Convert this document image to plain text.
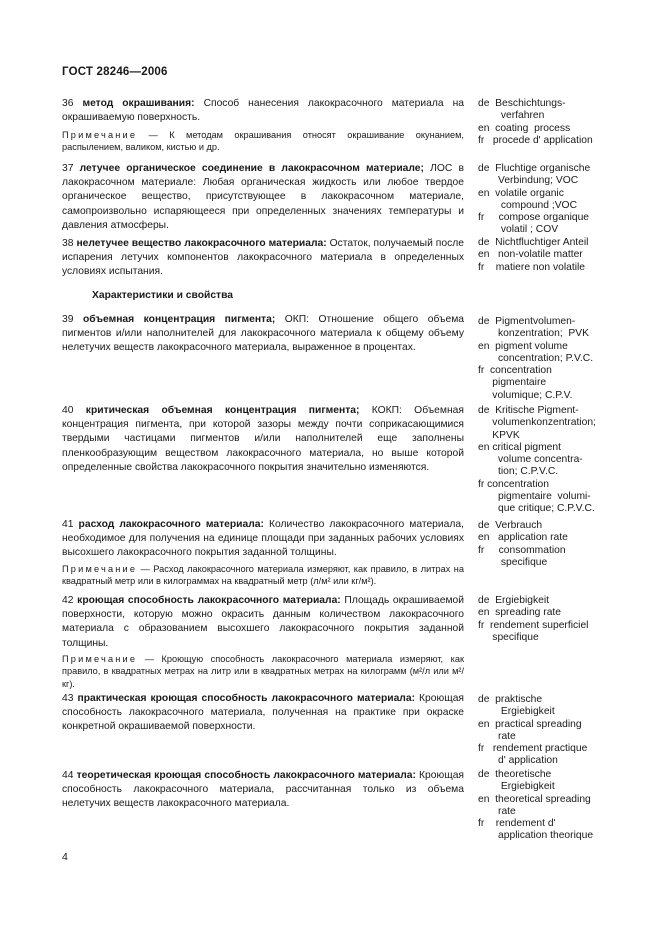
ГОСТ 28246—2006
36 метод окрашивания: Способ нанесения лакокрасочного материала на окрашиваемую поверхность.
Примечание — К методам окрашивания относят окрашивание окунанием, распылением, валиком, кистью и др.
37 летучее органическое соединение в лакокрасочном материале; ЛОС в лакокрасочном материале: Любая органическая жидкость или любое твердое органическое вещество, присутствующее в лакокрасочном материале, самопроизвольно испаряющееся при определенных значениях температуры и давления атмосферы.
38 нелетучее вещество лакокрасочного материала: Остаток, получаемый после испарения летучих компонентов лакокрасочного материала в определенных условиях испытания.
Характеристики и свойства
39 объемная концентрация пигмента; ОКП: Отношение общего объема пигментов и/или наполнителей для лакокрасочного материала к общему объему нелетучих веществ лакокрасочного материала, выраженное в процентах.
40 критическая объемная концентрация пигмента; КОКП: Объемная концентрация пигмента, при которой зазоры между почти соприкасающимися твердыми частицами пигментов и/или наполнителей еще заполнены пленкообразующим веществом лакокрасочного материала, но выше которой определенные свойства лакокрасочного покрытия значительно изменяются.
41 расход лакокрасочного материала: Количество лакокрасочного материала, необходимое для получения на единице площади при заданных рабочих условиях высохшего лакокрасочного покрытия заданной толщины.
Примечание — Расход лакокрасочного материала измеряют, как правило, в литрах на квадратный метр или в килограммах на квадратный метр (л/м² или кг/м²).
42 кроющая способность лакокрасочного материала: Площадь окрашиваемой поверхности, которую можно окрасить данным количеством лакокрасочного материала с образованием высохшего лакокрасочного покрытия заданной толщины.
Примечание — Кроющую способность лакокрасочного материала измеряют, как правило, в квадратных метрах на литр или в квадратных метрах на килограмм (м²/л или м²/кг).
43 практическая кроющая способность лакокрасочного материала: Кроющая способность лакокрасочного материала, полученная на практике при окраске конкретной окрашиваемой поверхности.
44 теоретическая кроющая способность лакокрасочного материала: Кроющая способность лакокрасочного материала, рассчитанная только из объема нелетучих веществ лакокрасочного материала.
de  Beschichtungs-
verfahren
en  coating  process
fr   procede d' application
de  Fluchtige organische
Verbindung; VOC
en  volatile organic
compound ;VOC
fr     compose organique
volatil ; COV
de  Nichtfluchtiger Anteil
en   non-volatile matter
fr    matiere non volatile
de  Pigmentvolumen-
konzentration;  PVK
en  pigment volume
concentration; P.V.C.
fr  concentration
pigmentaire
volumique; C.P.V.
de  Kritische Pigment-
volumenkonzentration;
KPVK
en critical pigment
volume concentra-
tion; C.P.V.C.
fr concentration
pigmentaire  volumi-
que critique; C.P.V.C.
de  Verbrauch
en   application rate
fr     consommation
specifique
de  Ergiebigkeit
en  spreading rate
fr  rendement superficiel
specifique
de  praktische
Ergiebigkeit
en  practical spreading
rate
fr   rendement practique
d' application
de  theoretische
Ergiebigkeit
en  theoretical spreading
rate
fr    rendement d'
application theorique
4
